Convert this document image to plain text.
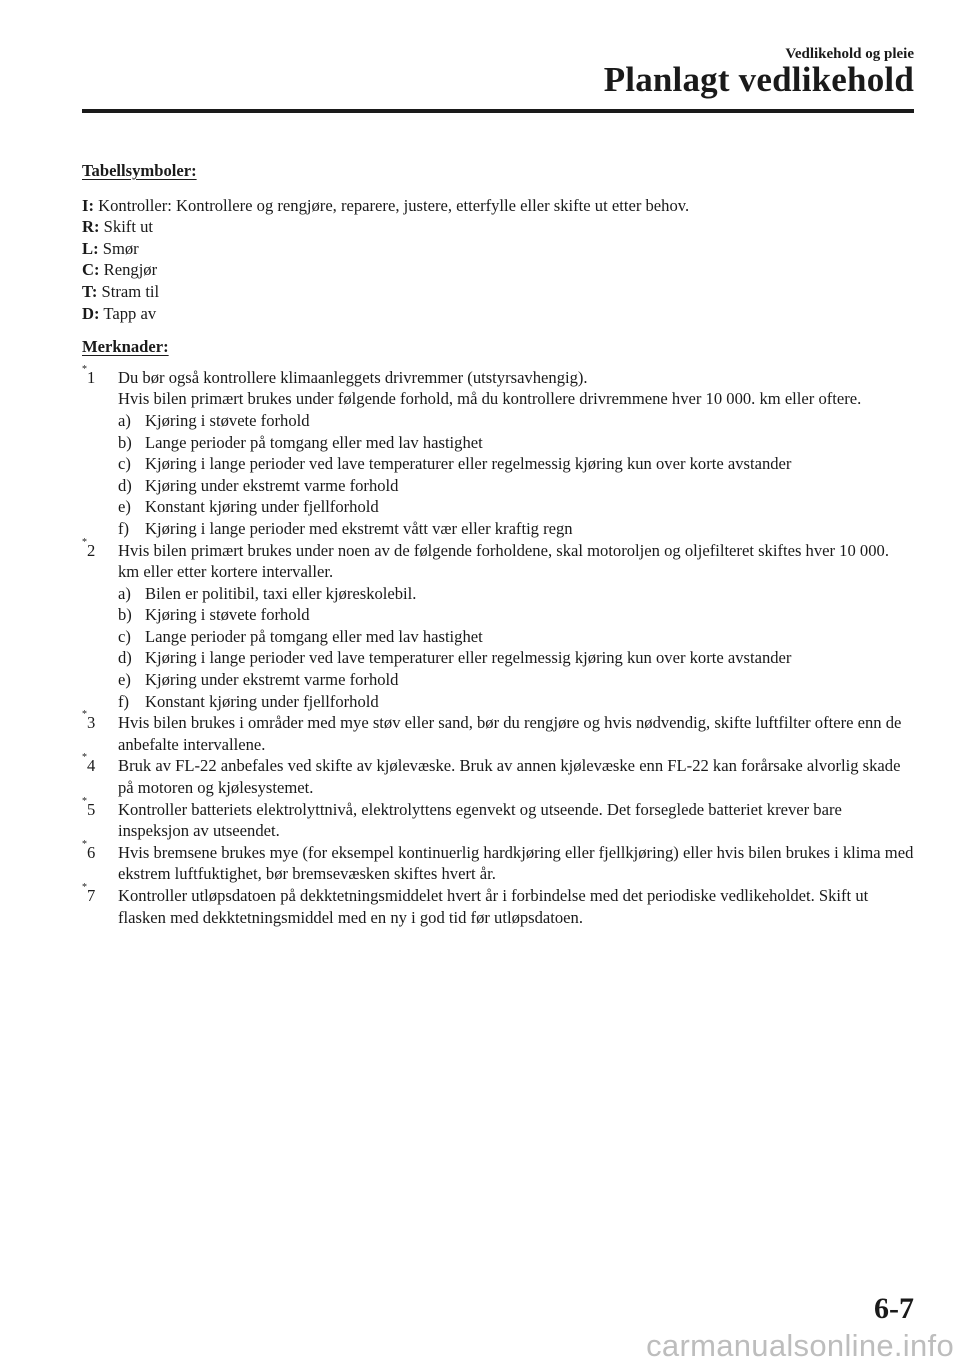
Vedlikehold og pleie
Planlagt vedlikehold
Tabellsymboler:
I: Kontroller: Kontrollere og rengjøre, reparere, justere, etterfylle eller skifte ut etter behov.
R: Skift ut
L: Smør
C: Rengjør
T: Stram til
D: Tapp av
Merknader:
*1	Du bør også kontrollere klimaanleggets drivremmer (utstyrsavhengig).
Hvis bilen primært brukes under følgende forhold, må du kontrollere drivremmene hver 10 000. km eller oftere.
a) Kjøring i støvete forhold
b) Lange perioder på tomgang eller med lav hastighet
c) Kjøring i lange perioder ved lave temperaturer eller regelmessig kjøring kun over korte avstander
d) Kjøring under ekstremt varme forhold
e) Konstant kjøring under fjellforhold
f) Kjøring i lange perioder med ekstremt vått vær eller kraftig regn
*2	Hvis bilen primært brukes under noen av de følgende forholdene, skal motoroljen og oljefilteret skiftes hver 10 000. km eller etter kortere intervaller.
a) Bilen er politibil, taxi eller kjøreskolebil.
b) Kjøring i støvete forhold
c) Lange perioder på tomgang eller med lav hastighet
d) Kjøring i lange perioder ved lave temperaturer eller regelmessig kjøring kun over korte avstander
e) Kjøring under ekstremt varme forhold
f) Konstant kjøring under fjellforhold
*3	Hvis bilen brukes i områder med mye støv eller sand, bør du rengjøre og hvis nødvendig, skifte luftfilter oftere enn de anbefalte intervallene.
*4	Bruk av FL-22 anbefales ved skifte av kjølevæske. Bruk av annen kjølevæske enn FL-22 kan forårsake alvorlig skade på motoren og kjølesystemet.
*5	Kontroller batteriets elektrolyttnivå, elektrolyttens egenvekt og utseende. Det forseglede batteriet krever bare inspeksjon av utseendet.
*6	Hvis bremsene brukes mye (for eksempel kontinuerlig hardkjøring eller fjellkjøring) eller hvis bilen brukes i klima med ekstrem luftfuktighet, bør bremsevæsken skiftes hvert år.
*7	Kontroller utløpsdatoen på dekktetningsmiddelet hvert år i forbindelse med det periodiske vedlikeholdet. Skift ut flasken med dekktetningsmiddel med en ny i god tid før utløpsdatoen.
6-7
carmanualsonline.info
